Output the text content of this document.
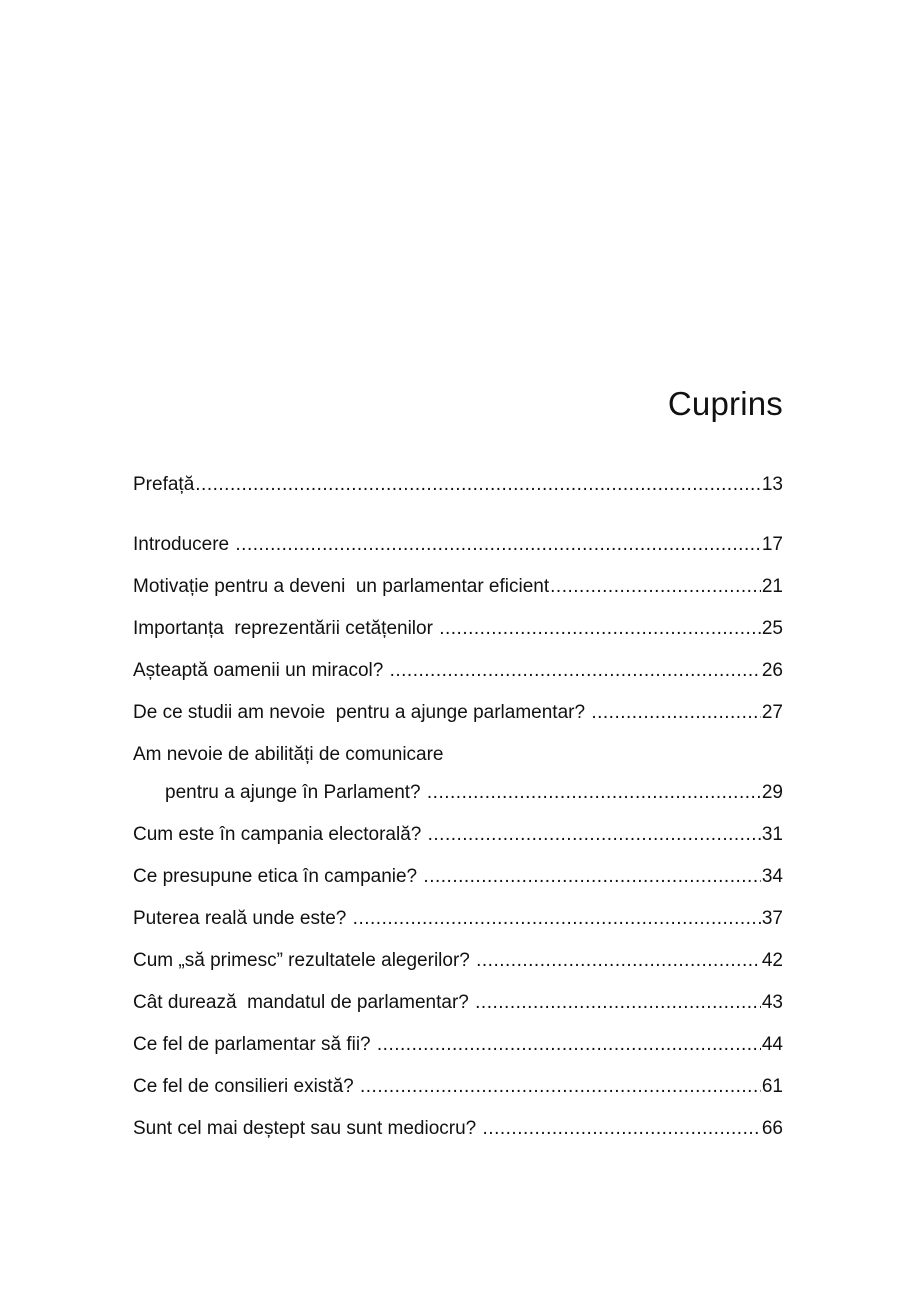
Cuprins
Prefață .....	13
Introducere .....	17
Motivație pentru a deveni  un parlamentar eficient .....	21
Importanța  reprezentării cetățenilor .....	25
Așteaptă oamenii un miracol? .....	26
De ce studii am nevoie  pentru a ajunge parlamentar? .....	27
Am nevoie de abilități de comunicare
pentru a ajunge în Parlament? .....	29
Cum este în campania electorală? .....	31
Ce presupune etica în campanie? .....	34
Puterea reală unde este? .....	37
Cum „să primesc” rezultatele alegerilor? .....	42
Cât durează  mandatul de parlamentar? .....	43
Ce fel de parlamentar să fii? .....	44
Ce fel de consilieri există? .....	61
Sunt cel mai deștept sau sunt mediocru? .....	66
